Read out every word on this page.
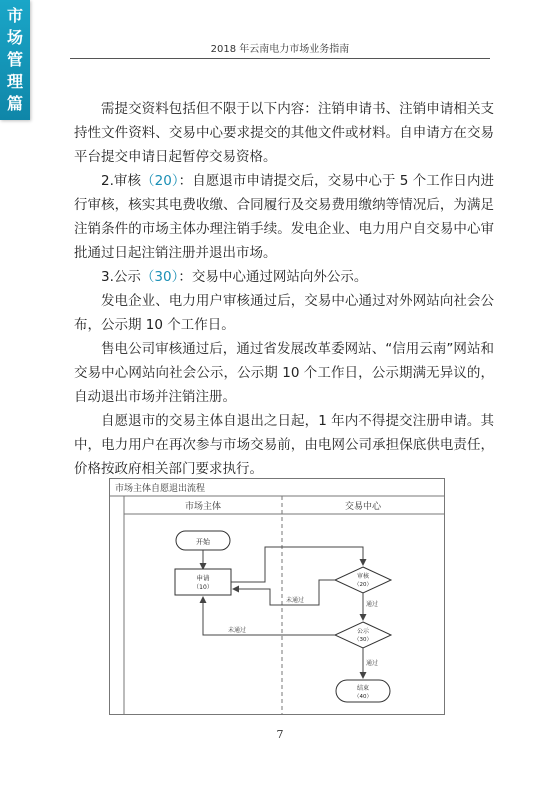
市
场
管
理
篇
2018 年云南电力市场业务指南

需提交资料包括但不限于以下内容：注销申请书、注销申请相关支持性文件资料、交易中心要求提交的其他文件或材料。自申请方在交易平台提交申请日起暂停交易资格。

2.审核（20）：自愿退市申请提交后，交易中心于 5 个工作日内进行审核，核实其电费收缴、合同履行及交易费用缴纳等情况后，为满足注销条件的市场主体办理注销手续。发电企业、电力用户自交易中心审批通过日起注销注册并退出市场。

3.公示（30）：交易中心通过网站向外公示。

发电企业、电力用户审核通过后，交易中心通过对外网站向社会公布，公示期 10 个工作日。

售电公司审核通过后，通过省发展改革委网站、“信用云南”网站和交易中心网站向社会公示，公示期 10 个工作日，公示期满无异议的，自动退出市场并注销注册。

自愿退市的交易主体自退出之日起，1 年内不得提交注册申请。其中，电力用户在再次参与市场交易前，由电网公司承担保底供电责任，价格按政府相关部门要求执行。

市场主体自愿退出流程
市场主体	交易中心
开始
申请
（10）
审核
（20）
未通过
通过
公示
（30）
未通过
通过
结束
（40）
7
